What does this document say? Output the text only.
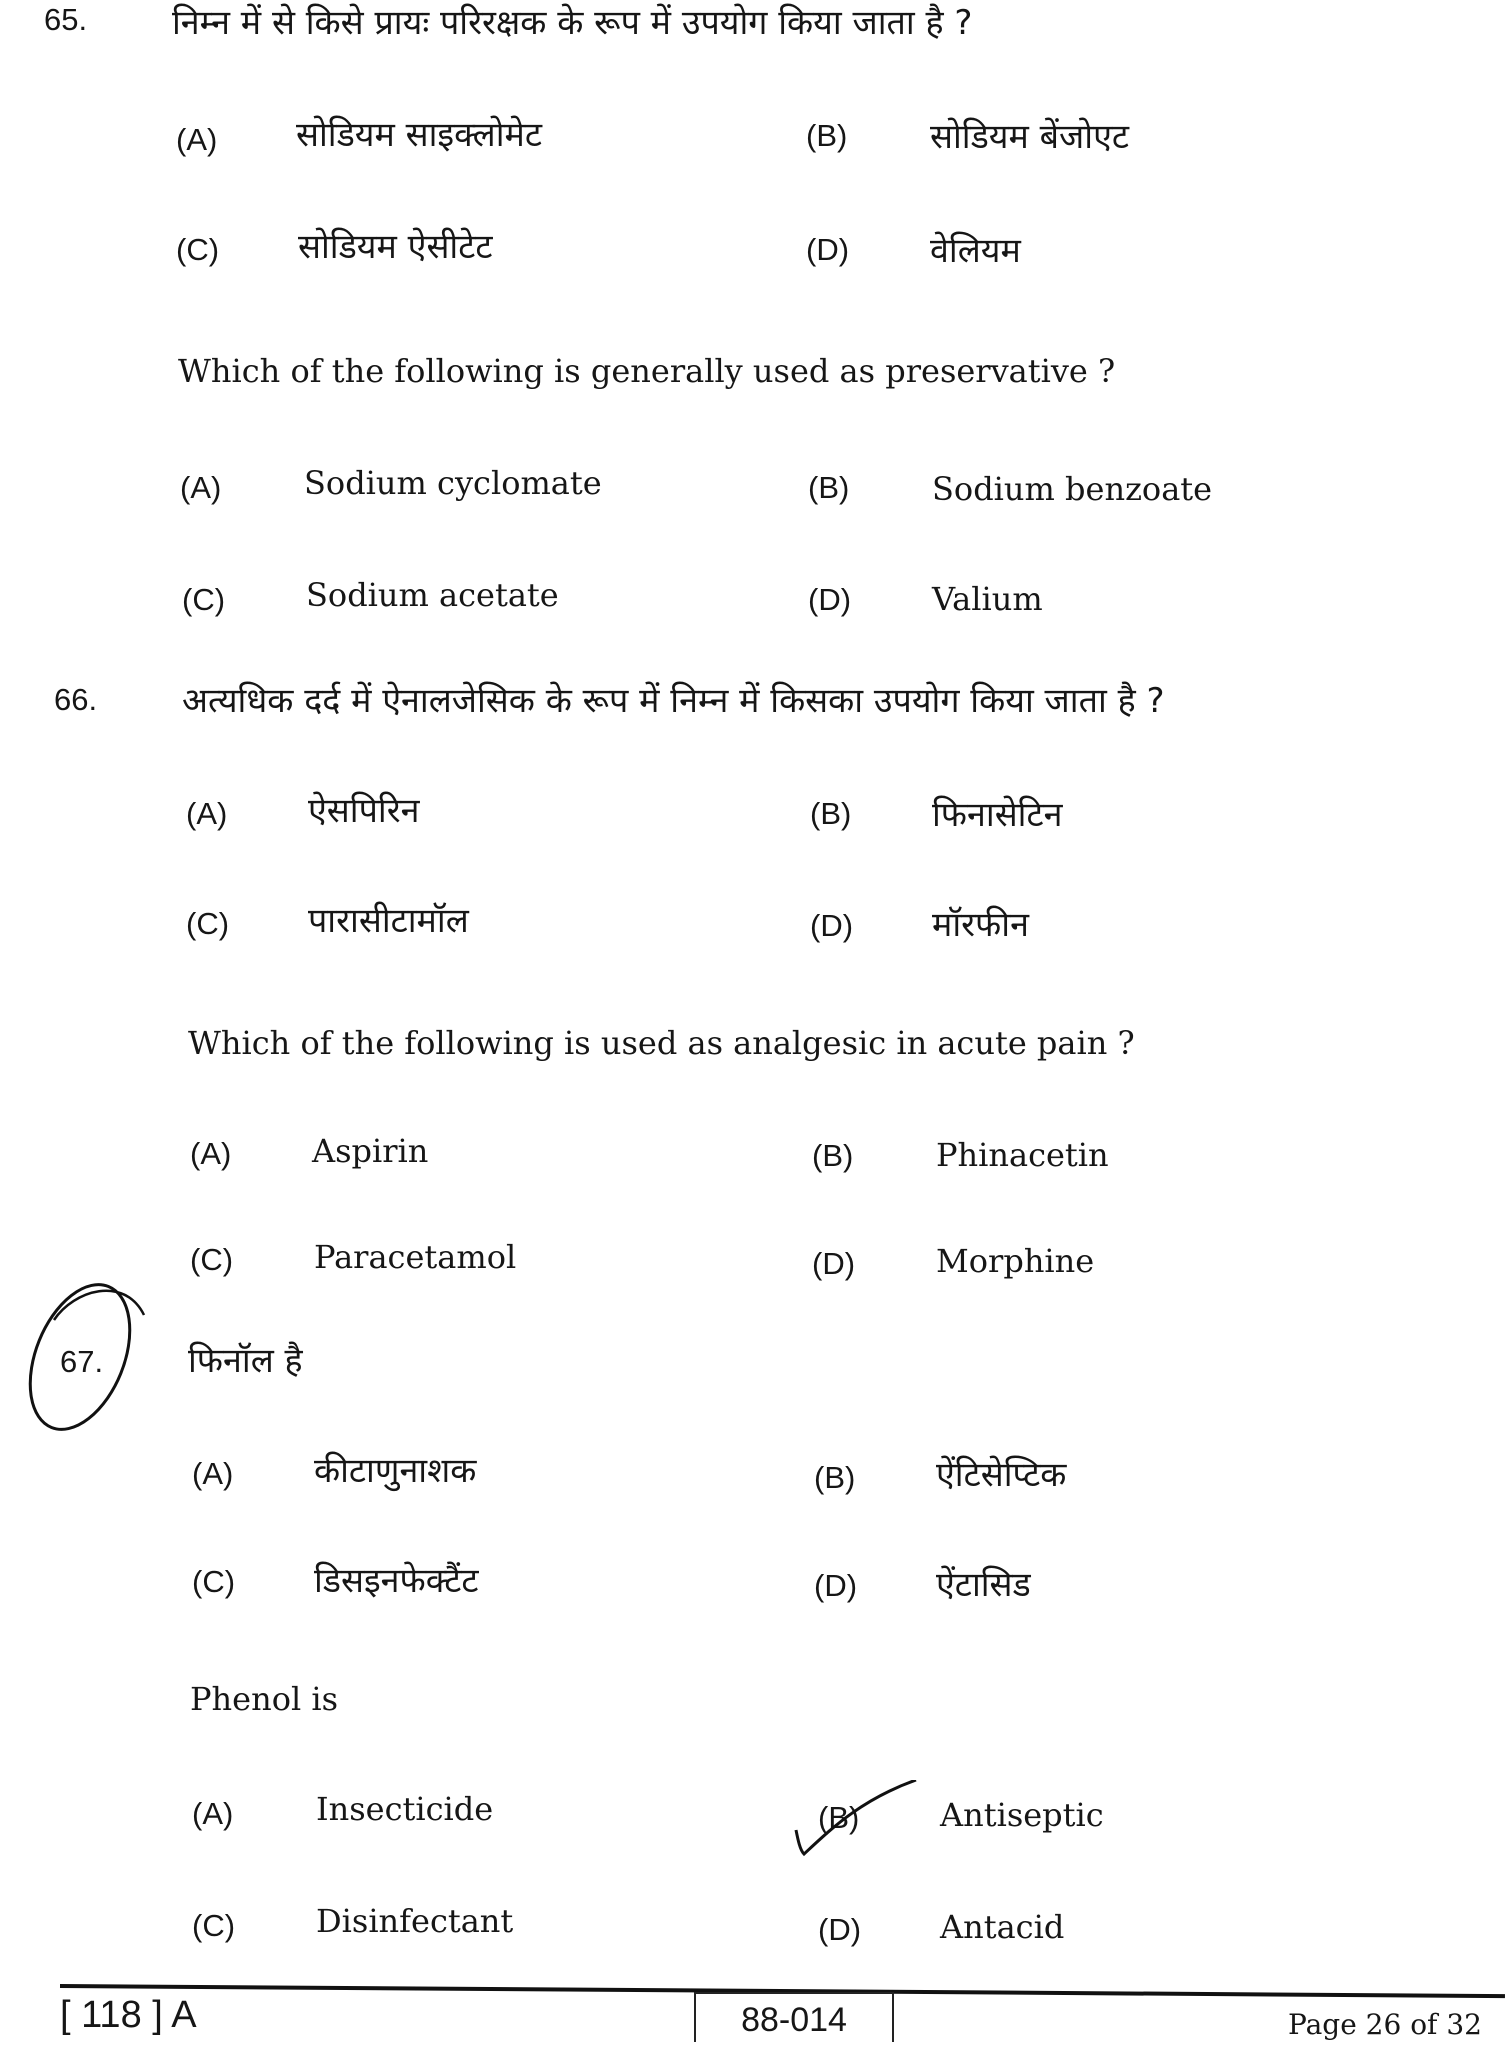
65. निम्न में से किसे प्रायः परिरक्षक के रूप में उपयोग किया जाता है ?
(A) सोडियम साइक्लोमेट	(B) सोडियम बेंजोएट
(C) सोडियम ऐसीटेट	(D) वेलियम
Which of the following is generally used as preservative ?
(A)	Sodium cyclomate	(B)	Sodium benzoate
(C)	Sodium acetate	(D)	Valium
66. अत्यधिक दर्द में ऐनालजेसिक के रूप में निम्न में किसका उपयोग किया जाता है ?
(A) ऐसपिरिन	(B) फिनासेटिन
(C) पारासीटामॉल	(D) मॉरफीन
Which of the following is used as analgesic in acute pain ?
(A)	Aspirin	(B)	Phinacetin
(C)	Paracetamol	(D)	Morphine
67. फिनॉल है
(A) कीटाणुनाशक	(B) ऐंटिसेप्टिक
(C) डिसइनफेक्टैंट	(D) ऐंटासिड
Phenol is
(A)	Insecticide	(B)	Antiseptic
(C)	Disinfectant	(D) Antacid
[ 118 ] A	88-014	Page 26 of 32
